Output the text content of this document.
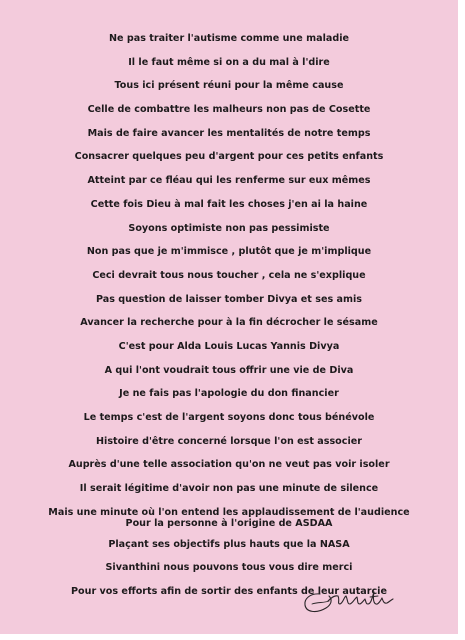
Ne pas traiter l'autisme comme une maladie

Il le faut même si on a du mal à l'dire

Tous ici présent réuni pour la même cause

Celle de combattre les malheurs non pas de Cosette

Mais de faire avancer les mentalités de notre temps

Consacrer quelques peu d'argent pour ces petits enfants

Atteint par ce fléau qui les renferme sur eux mêmes

Cette fois Dieu à mal fait les choses j'en ai la haine

Soyons optimiste non pas pessimiste

Non pas que je m'immisce , plutôt que je m'implique

Ceci devrait tous nous toucher , cela ne s'explique

Pas question de laisser tomber Divya et ses amis

Avancer la recherche pour à la fin décrocher le sésame

C'est pour Alda Louis Lucas Yannis Divya

A qui l'ont voudrait tous offrir une vie de Diva

Je ne fais pas l'apologie du don financier

Le temps c'est de l'argent soyons donc tous bénévole

Histoire d'être concerné lorsque l'on est associer

Auprès d'une telle association qu'on ne veut pas voir isoler

Il serait légitime d'avoir non pas une minute de silence

Mais une minute où l'on entend les applaudissement de l'audience
Pour la personne à l'origine de ASDAA

Plaçant ses objectifs plus hauts que la NASA

Sivanthini nous pouvons tous vous dire merci

Pour vos efforts afin de sortir des enfants de leur autarcie
